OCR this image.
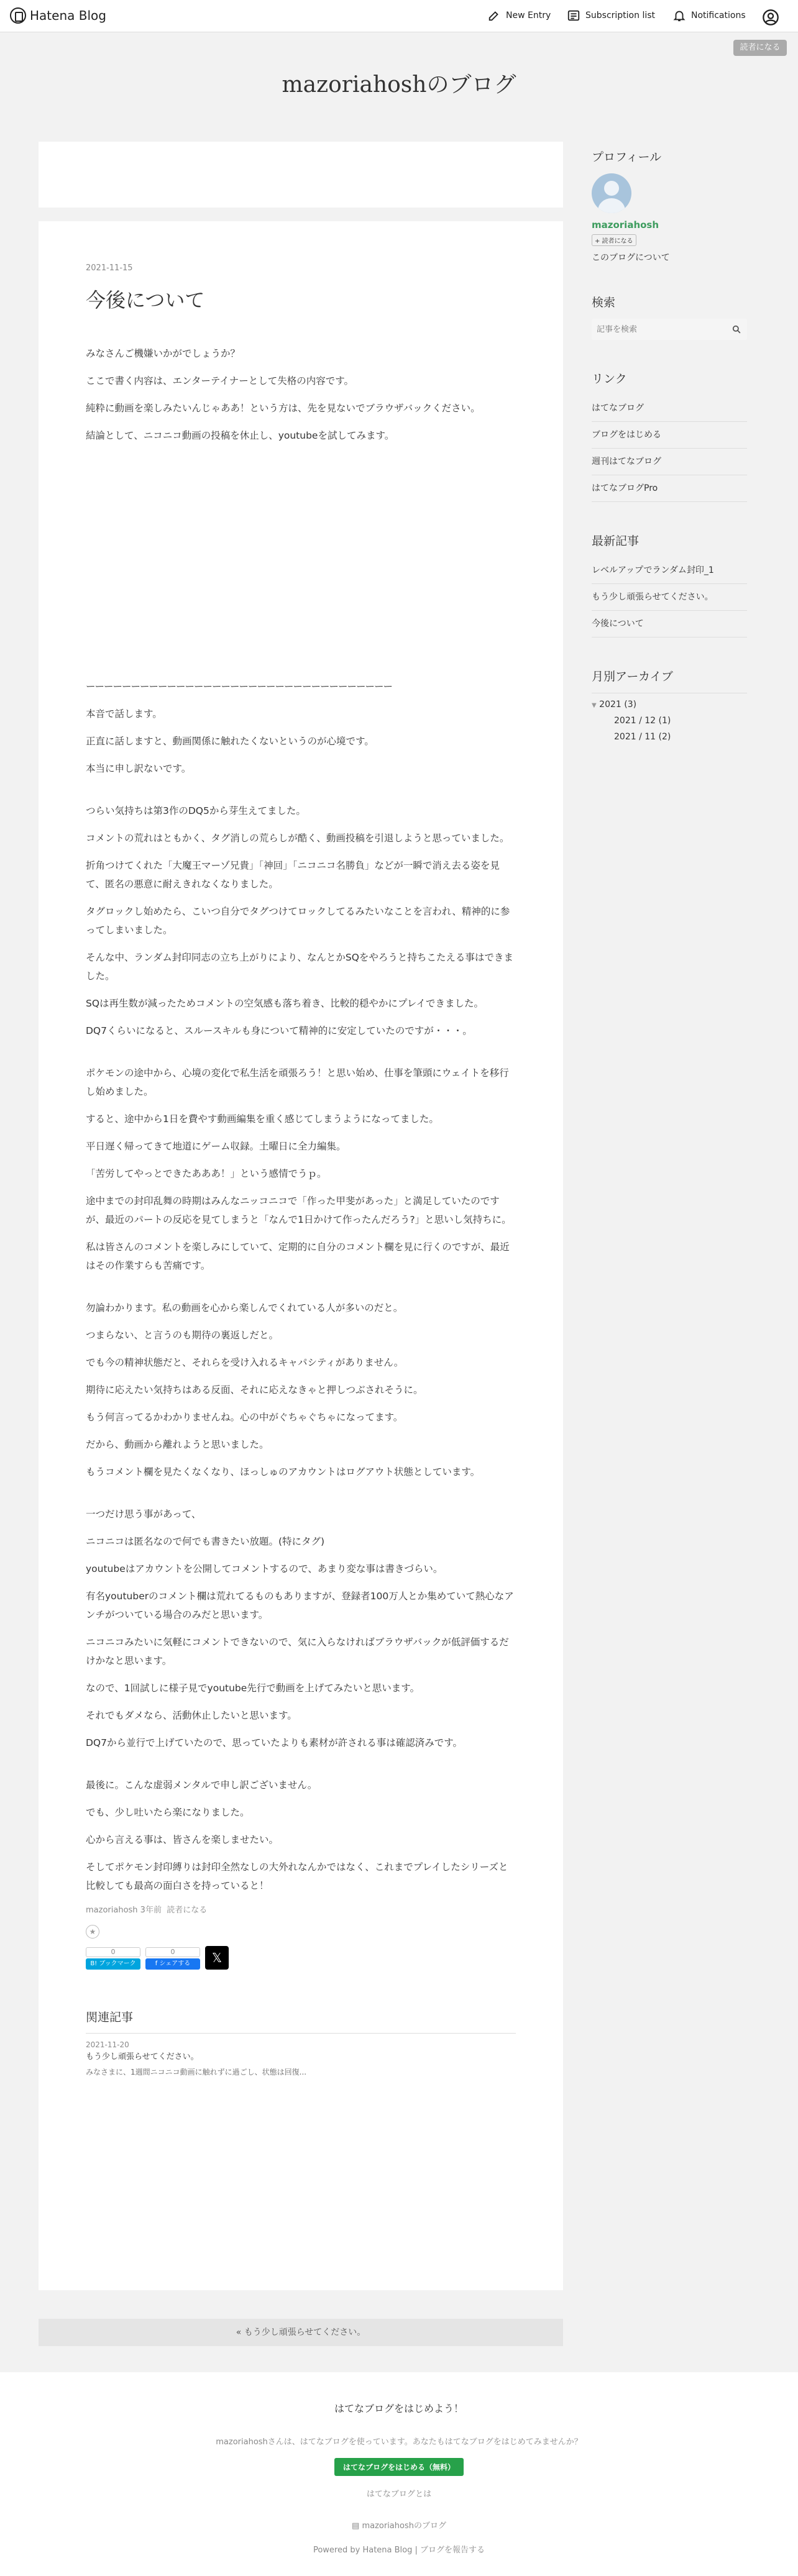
Hatena Blog	New Entry	Subscription list	Notifications
読者になる
mazoriahoshのブログ
2021-11-15
今後について

みなさんご機嫌いかがでしょうか？

ここで書く内容は、エンターテイナーとして失格の内容です。

純粋に動画を楽しみたいんじゃああ！という方は、先を見ないでブラウザバックください。

結論として、ニコニコ動画の投稿を休止し、youtubeを試してみます。

ーーーーーーーーーーーーーーーーーーーーーーーーーーーーーーーーーー

本音で話します。

正直に話しますと、動画関係に触れたくないというのが心境です。

本当に申し訳ないです。

つらい気持ちは第3作のDQ5から芽生えてました。

コメントの荒れはともかく、タグ消しの荒らしが酷く、動画投稿を引退しようと思っていました。

折角つけてくれた「大魔王マーゾ兄貴」「神回」「ニコニコ名勝負」などが一瞬で消え去る姿を見て、匿名の悪意に耐えきれなくなりました。

タグロックし始めたら、こいつ自分でタグつけてロックしてるみたいなことを言われ、精神的に参ってしまいました。

そんな中、ランダム封印同志の立ち上がりにより、なんとかSQをやろうと持ちこたえる事はできました。

SQは再生数が減ったためコメントの空気感も落ち着き、比較的穏やかにプレイできました。

DQ7くらいになると、スルースキルも身について精神的に安定していたのですが・・・。

ポケモンの途中から、心境の変化で私生活を頑張ろう！と思い始め、仕事を筆頭にウェイトを移行し始めました。

すると、途中から1日を費やす動画編集を重く感じてしまうようになってました。

平日遅く帰ってきて地道にゲーム収録。土曜日に全力編集。

「苦労してやっとできたあああ！」という感情でうｐ。

途中までの封印乱舞の時期はみんなニッコニコで「作った甲斐があった」と満足していたのですが、最近のパートの反応を見てしまうと「なんで1日かけて作ったんだろう?」と思いし気持ちに。

私は皆さんのコメントを楽しみにしていて、定期的に自分のコメント欄を見に行くのですが、最近はその作業すらも苦痛です。

勿論わかります。私の動画を心から楽しんでくれている人が多いのだと。

つまらない、と言うのも期待の裏返しだと。

でも今の精神状態だと、それらを受け入れるキャパシティがありません。

期待に応えたい気持ちはある反面、それに応えなきゃと押しつぶされそうに。

もう何言ってるかわかりませんね。心の中がぐちゃぐちゃになってます。

だから、動画から離れようと思いました。

もうコメント欄を見たくなくなり、ほっしゅのアカウントはログアウト状態としています。

一つだけ思う事があって、

ニコニコは匿名なので何でも書きたい放題。(特にタグ)

youtubeはアカウントを公開してコメントするので、あまり変な事は書きづらい。

有名youtuberのコメント欄は荒れてるものもありますが、登録者100万人とか集めていて熱心なアンチがついている場合のみだと思います。

ニコニコみたいに気軽にコメントできないので、気に入らなければブラウザバックが低評価するだけかなと思います。

なので、1回試しに様子見でyoutube先行で動画を上げてみたいと思います。

それでもダメなら、活動休止したいと思います。

DQ7から並行で上げていたので、思っていたよりも素材が許される事は確認済みです。

最後に。こんな虚弱メンタルで申し訳ございません。

でも、少し吐いたら楽になりました。

心から言える事は、皆さんを楽しませたい。

そしてポケモン封印縛りは封印全然なしの大外れなんかではなく、これまでプレイしたシリーズと比較しても最高の面白さを持っていると！

mazoriahosh 3年前 読者になる
★
0
B! ブックマーク
0
f シェアする	𝕏
関連記事
2021-11-20
もう少し頑張らせてください。
みなさまに、1週間ニコニコ動画に触れずに過ごし、状態は回復...
« もう少し頑張らせてください。
プロフィール
mazoriahosh
+ 読者になる
このブログについて
検索
記事を検索
リンク
はてなブログ
ブログをはじめる
週刊はてなブログ
はてなブログPro
最新記事
レベルアップでランダム封印_1
もう少し頑張らせてください。
今後について
月別アーカイブ
▼ 2021 (3)
2021 / 12 (1)
2021 / 11 (2)
はてなブログをはじめよう！
mazoriahoshさんは、はてなブログを使っています。あなたもはてなブログをはじめてみませんか？
はてなブログをはじめる（無料）
はてなブログとは
▤ mazoriahoshのブログ
Powered by Hatena Blog | ブログを報告する
